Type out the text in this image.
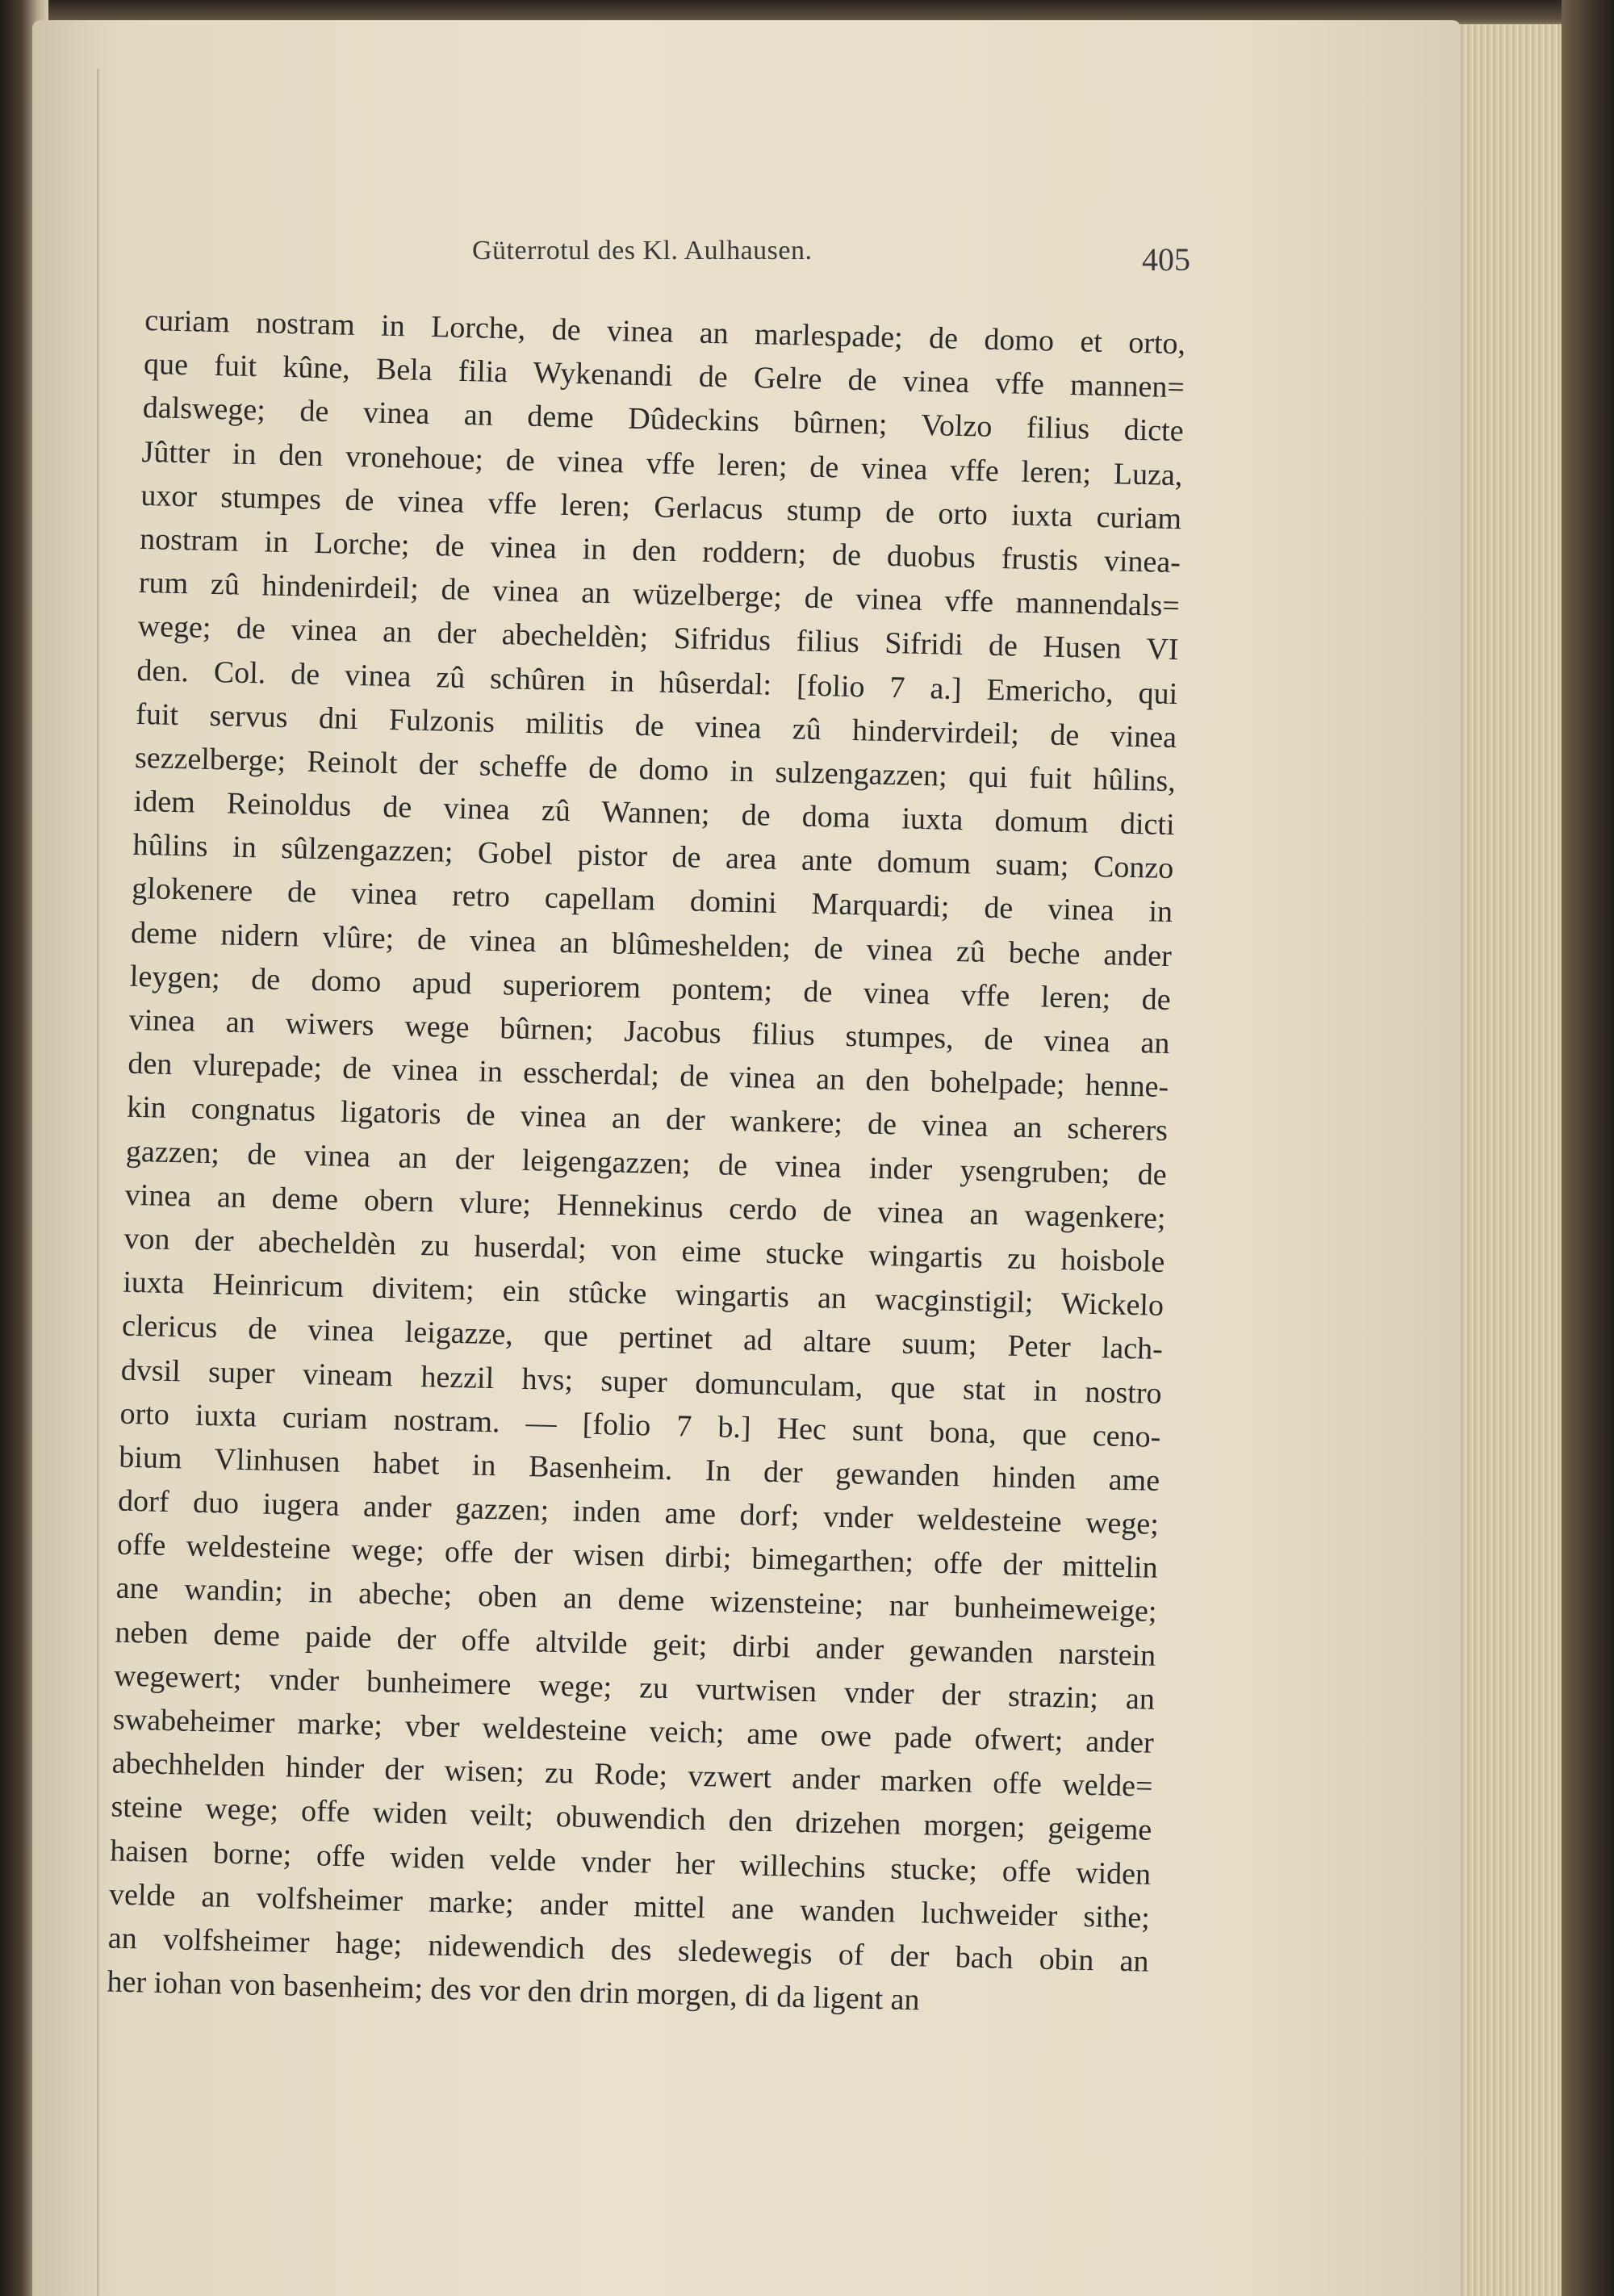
Güterrotul des Kl. Aulhausen.	405
curiam nostram in Lorche, de vinea an marlespade; de domo et orto,
que fuit kûne, Bela filia Wykenandi de Gelre de vinea vffe mannen=
dalswege; de vinea an deme Dûdeckins bûrnen; Volzo filius dicte
Jûtter in den vronehoue; de vinea vffe leren; de vinea vffe leren; Luza,
uxor stumpes de vinea vffe leren; Gerlacus stump de orto iuxta curiam
nostram in Lorche; de vinea in den roddern; de duobus frustis vinea-
rum zû hindenirdeil; de vinea an wüzelberge; de vinea vffe mannendals=
wege; de vinea an der abecheldèn; Sifridus filius Sifridi de Husen VI
den. Col. de vinea zû schûren in hûserdal: [folio 7 a.] Emericho, qui
fuit servus dni Fulzonis militis de vinea zû hindervirdeil; de vinea
sezzelberge; Reinolt der scheffe de domo in sulzengazzen; qui fuit hûlins,
idem Reinoldus de vinea zû Wannen; de doma iuxta domum dicti
hûlins in sûlzengazzen; Gobel pistor de area ante domum suam; Conzo
glokenere de vinea retro capellam domini Marquardi; de vinea in
deme nidern vlûre; de vinea an blûmeshelden; de vinea zû beche ander
leygen; de domo apud superiorem pontem; de vinea vffe leren; de
vinea an wiwers wege bûrnen; Jacobus filius stumpes, de vinea an
den vlurepade; de vinea in esscherdal; de vinea an den bohelpade; henne-
kin congnatus ligatoris de vinea an der wankere; de vinea an scherers
gazzen; de vinea an der leigengazzen; de vinea inder ysengruben; de
vinea an deme obern vlure; Hennekinus cerdo de vinea an wagenkere;
von der abecheldèn zu huserdal; von eime stucke wingartis zu hoisbole
iuxta Heinricum divitem; ein stûcke wingartis an wacginstigil; Wickelo
clericus de vinea leigazze, que pertinet ad altare suum; Peter lach-
dvsil super vineam hezzil hvs; super domunculam, que stat in nostro
orto iuxta curiam nostram. — [folio 7 b.] Hec sunt bona, que ceno-
bium Vlinhusen habet in Basenheim. In der gewanden hinden ame
dorf duo iugera ander gazzen; inden ame dorf; vnder weldesteine wege;
offe weldesteine wege; offe der wisen dirbi; bimegarthen; offe der mittelin
ane wandin; in abeche; oben an deme wizensteine; nar bunheimeweige;
neben deme paide der offe altvilde geit; dirbi ander gewanden narstein
wegewert; vnder bunheimere wege; zu vurtwisen vnder der strazin; an
swabeheimer marke; vber weldesteine veich; ame owe pade ofwert; ander
abechhelden hinder der wisen; zu Rode; vzwert ander marken offe welde=
steine wege; offe widen veilt; obuwendich den drizehen morgen; geigeme
haisen borne; offe widen velde vnder her willechins stucke; offe widen
velde an volfsheimer marke; ander mittel ane wanden luchweider sithe;
an volfsheimer hage; nidewendich des sledewegis of der bach obin an
her iohan von basenheim; des vor den drin morgen, di da ligent an
